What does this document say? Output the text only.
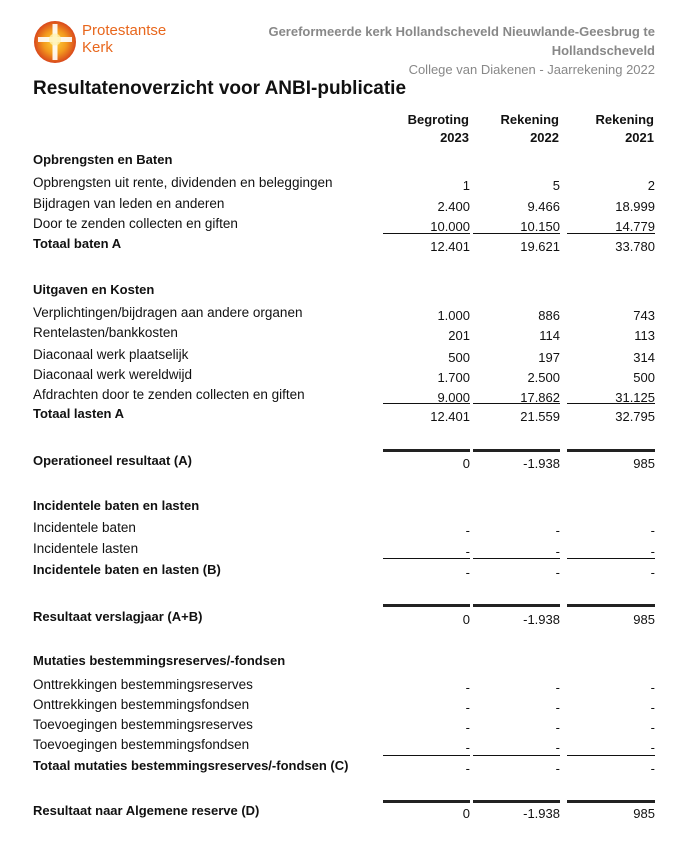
Protestantse
Kerk
Gereformeerde kerk Hollandscheveld Nieuwlande-Geesbrug te
Hollandscheveld
College van Diakenen - Jaarrekening 2022
Resultatenoverzicht voor ANBI-publicatie
Begroting
2023
Rekening
2022
Rekening
2021
Opbrengsten en Baten
Opbrengsten uit rente, dividenden en beleggingen	1	5	2
Bijdragen van leden en anderen	2.400	9.466	18.999
Door te zenden collecten en giften	10.000	10.150	14.779
Totaal baten A	12.401	19.621	33.780
Uitgaven en Kosten
Verplichtingen/bijdragen aan andere organen	1.000	886	743
Rentelasten/bankkosten	201	114	113
Diaconaal werk plaatselijk	500	197	314
Diaconaal werk wereldwijd	1.700	2.500	500
Afdrachten door te zenden collecten en giften	9.000	17.862	31.125
Totaal lasten A	12.401	21.559	32.795
Operationeel resultaat (A)	0	-1.938	985
Incidentele baten en lasten
Incidentele baten	-	-	-
Incidentele lasten	-	-	-
Incidentele baten en lasten (B)	-	-	-
Resultaat verslagjaar (A+B)	0	-1.938	985
Mutaties bestemmingsreserves/-fondsen
Onttrekkingen bestemmingsreserves	-	-	-
Onttrekkingen bestemmingsfondsen	-	-	-
Toevoegingen bestemmingsreserves	-	-	-
Toevoegingen bestemmingsfondsen	-	-	-
Totaal mutaties bestemmingsreserves/-fondsen (C)	-	-	-
Resultaat naar Algemene reserve (D)	0	-1.938	985
